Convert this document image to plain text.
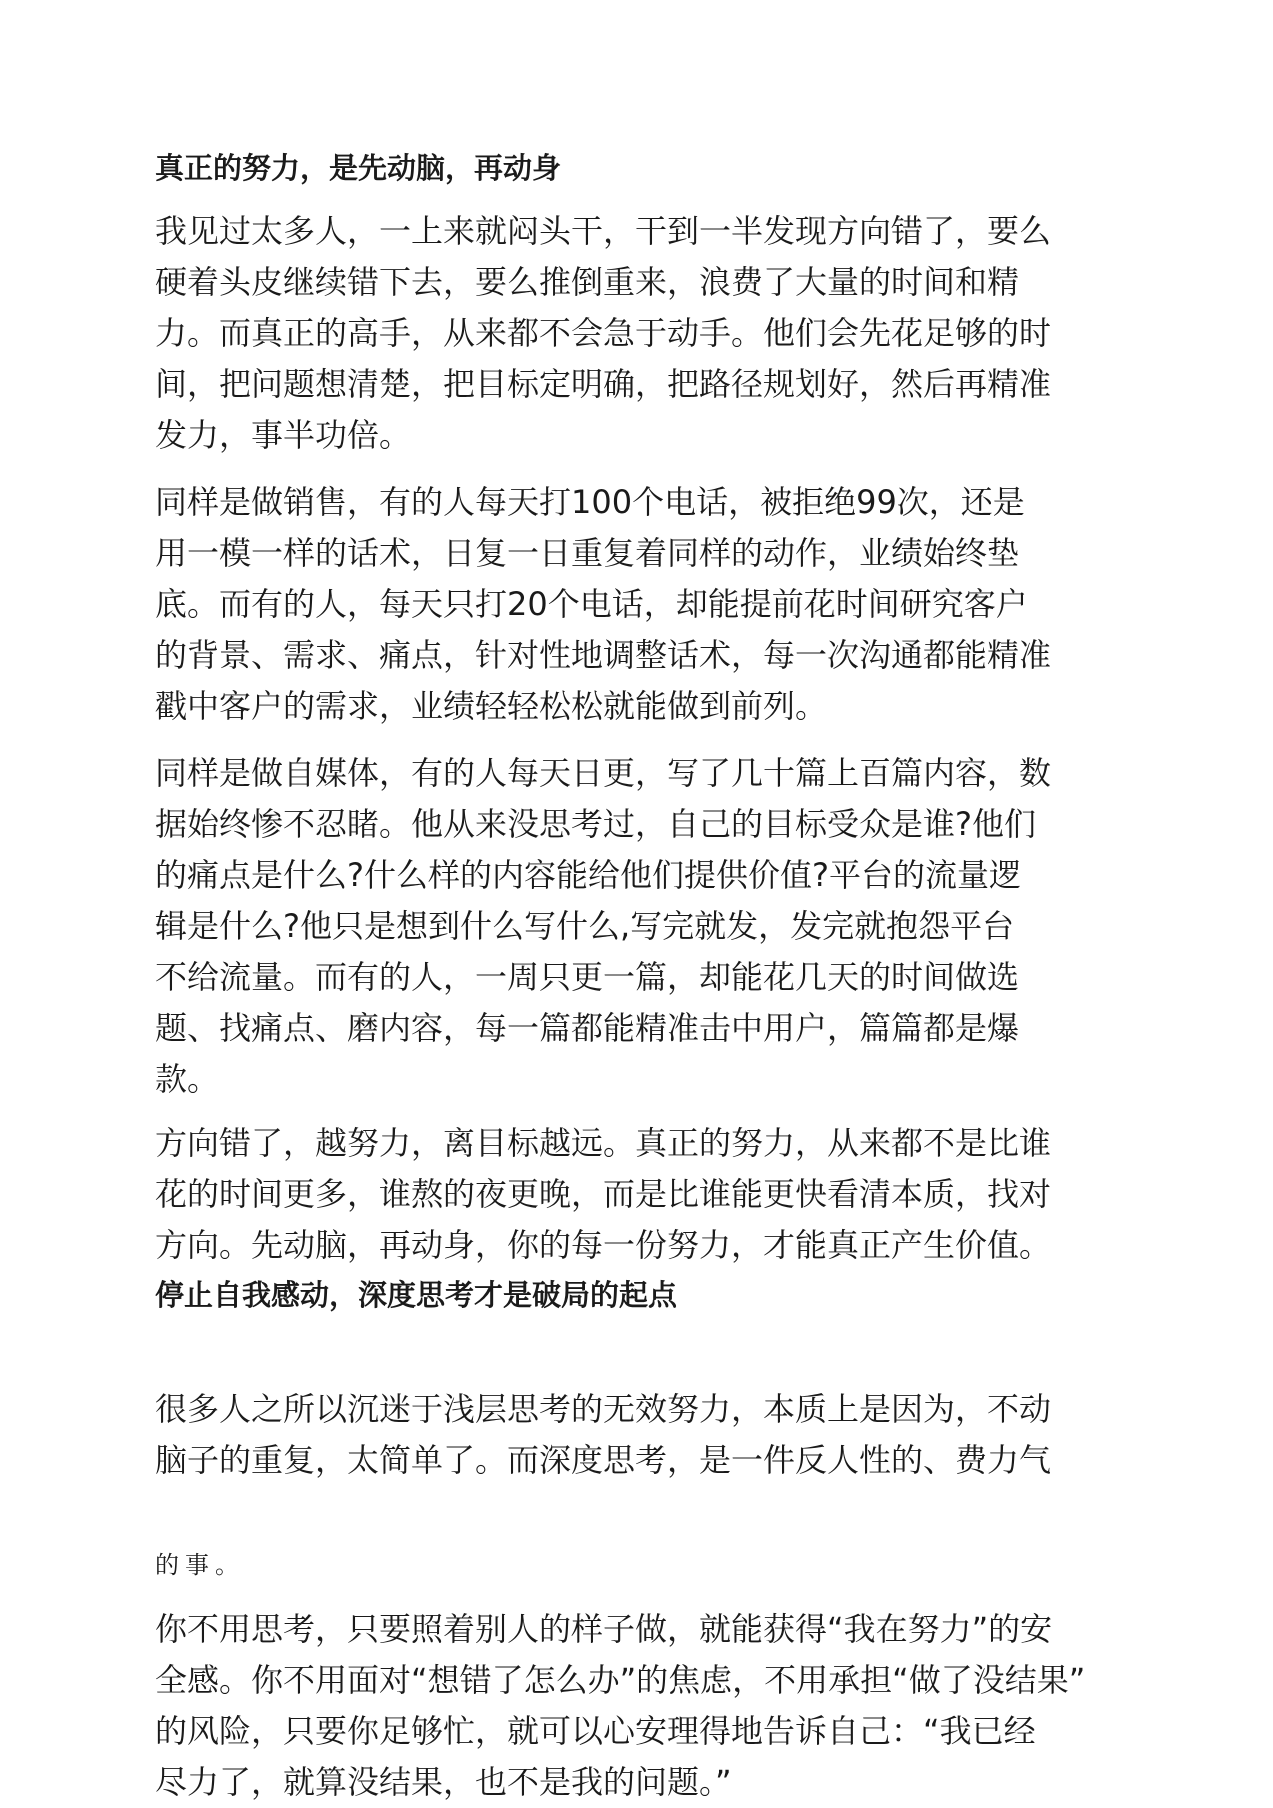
真正的努力，是先动脑，再动身

我见过太多人，一上来就闷头干，干到一半发现方向错了，要么
硬着头皮继续错下去，要么推倒重来，浪费了大量的时间和精
力。而真正的高手，从来都不会急于动手。他们会先花足够的时
间，把问题想清楚，把目标定明确，把路径规划好，然后再精准
发力，事半功倍。

同样是做销售，有的人每天打100个电话，被拒绝99次，还是
用一模一样的话术，日复一日重复着同样的动作，业绩始终垫
底。而有的人，每天只打20个电话，却能提前花时间研究客户
的背景、需求、痛点，针对性地调整话术，每一次沟通都能精准
戳中客户的需求，业绩轻轻松松就能做到前列。

同样是做自媒体，有的人每天日更，写了几十篇上百篇内容，数
据始终惨不忍睹。他从来没思考过，自己的目标受众是谁?他们
的痛点是什么?什么样的内容能给他们提供价值?平台的流量逻
辑是什么?他只是想到什么写什么,写完就发，发完就抱怨平台
不给流量。而有的人，一周只更一篇，却能花几天的时间做选
题、找痛点、磨内容，每一篇都能精准击中用户，篇篇都是爆
款。

方向错了，越努力，离目标越远。真正的努力，从来都不是比谁
花的时间更多，谁熬的夜更晚，而是比谁能更快看清本质，找对
方向。先动脑，再动身，你的每一份努力，才能真正产生价值。

停止自我感动，深度思考才是破局的起点

很多人之所以沉迷于浅层思考的无效努力，本质上是因为，不动
脑子的重复，太简单了。而深度思考，是一件反人性的、费力气

的事。

你不用思考，只要照着别人的样子做，就能获得“我在努力”的安
全感。你不用面对“想错了怎么办”的焦虑，不用承担“做了没结果”
的风险，只要你足够忙，就可以心安理得地告诉自己：“我已经
尽力了，就算没结果，也不是我的问题。”
